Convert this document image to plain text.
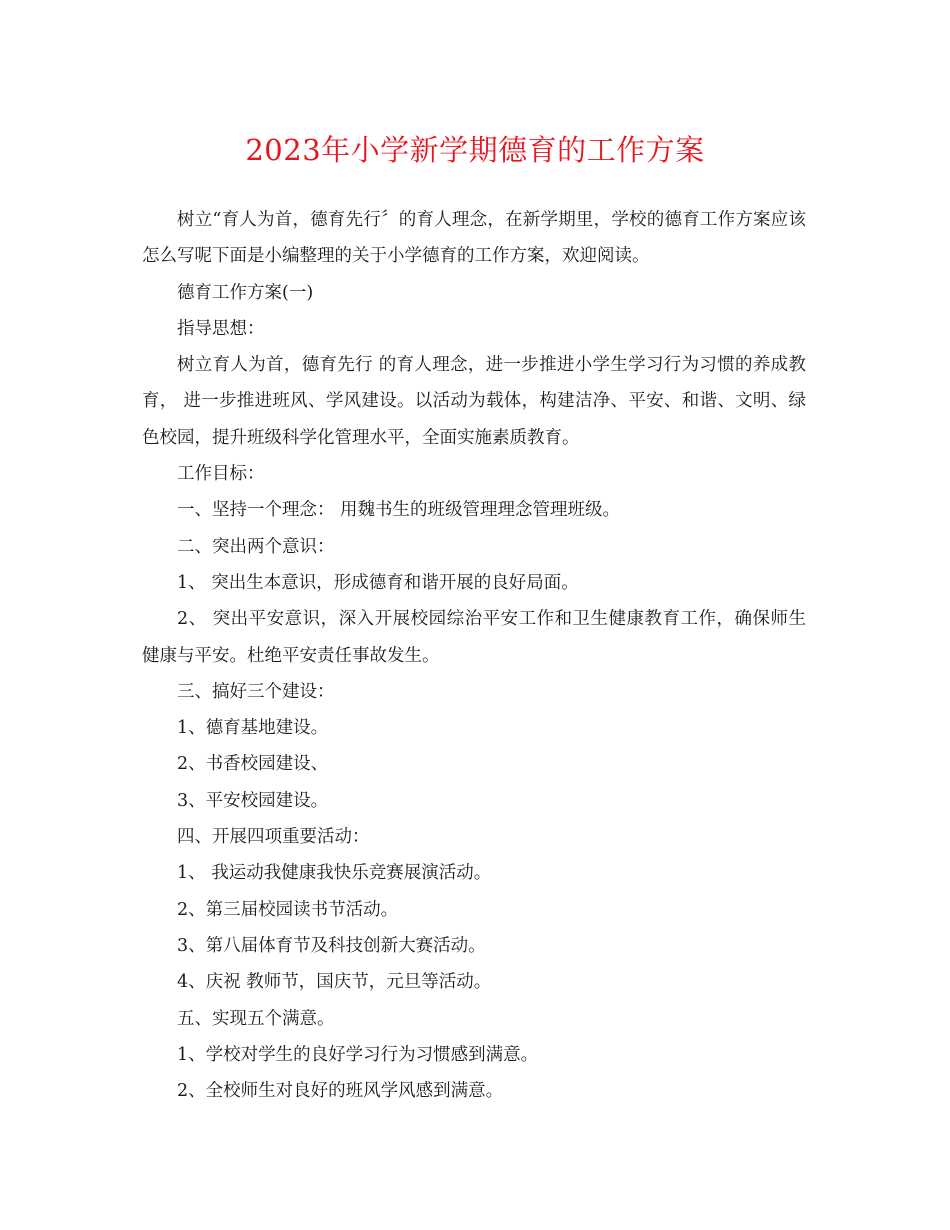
2023年小学新学期德育的工作方案

树立“育人为首，德育先行〞的育人理念，在新学期里，学校的德育工作方案应该怎么写呢下面是小编整理的关于小学德育的工作方案，欢迎阅读。

德育工作方案(一)

指导思想：

树立育人为首，德育先行 的育人理念，进一步推进小学生学习行为习惯的养成教育， 进一步推进班风、学风建设。以活动为载体，构建洁净、平安、和谐、文明、绿色校园，提升班级科学化管理水平，全面实施素质教育。

工作目标：

一、坚持一个理念： 用魏书生的班级管理理念管理班级。

二、突出两个意识：

1、 突出生本意识，形成德育和谐开展的良好局面。

2、 突出平安意识，深入开展校园综治平安工作和卫生健康教育工作，确保师生健康与平安。杜绝平安责任事故发生。

三、搞好三个建设：

1、德育基地建设。

2、书香校园建设、

3、平安校园建设。

四、开展四项重要活动：

1、 我运动我健康我快乐竞赛展演活动。

2、第三届校园读书节活动。

3、第八届体育节及科技创新大赛活动。

4、庆祝 教师节，国庆节，元旦等活动。

五、实现五个满意。

1、学校对学生的良好学习行为习惯感到满意。

2、全校师生对良好的班风学风感到满意。
